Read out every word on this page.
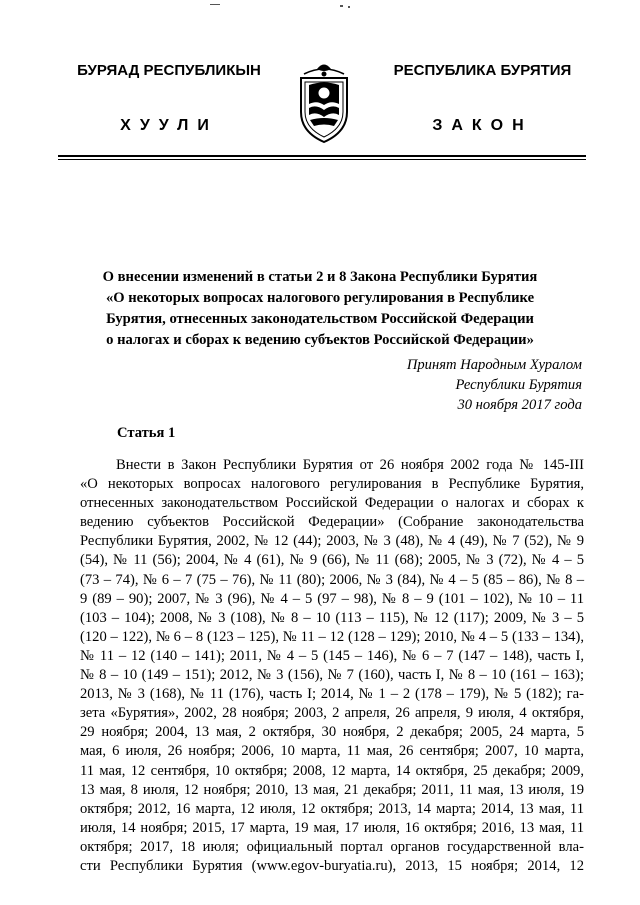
БУРЯАД РЕСПУБЛИКЫН	РЕСПУБЛИКА БУРЯТИЯ
ХУУЛИ	ЗАКОН
О внесении изменений в статьи 2 и 8 Закона Республики Бурятия
«О некоторых вопросах налогового регулирования в Республике
Бурятия, отнесенных законодательством Российской Федерации
о налогах и сборах к ведению субъектов Российской Федерации»
Принят Народным Хуралом
Республики Бурятия
30 ноября 2017 года
Статья 1
Внести в Закон Республики Бурятия от 26 ноября 2002 года № 145-III
«О некоторых вопросах налогового регулирования в Республике Бурятия,
отнесенных законодательством Российской Федерации о налогах и сборах к
ведению субъектов Российской Федерации» (Собрание законодательства
Республики Бурятия, 2002, № 12 (44); 2003, № 3 (48), № 4 (49), № 7 (52), № 9
(54), № 11 (56); 2004, № 4 (61), № 9 (66), № 11 (68); 2005, № 3 (72), № 4 – 5
(73 – 74), № 6 – 7 (75 – 76), № 11 (80); 2006, № 3 (84), № 4 – 5 (85 – 86), № 8 –
9 (89 – 90); 2007, № 3 (96), № 4 – 5 (97 – 98), № 8 – 9 (101 – 102), № 10 – 11
(103 – 104); 2008, № 3 (108), № 8 – 10 (113 – 115), № 12 (117); 2009, № 3 – 5
(120 – 122), № 6 – 8 (123 – 125), № 11 – 12 (128 – 129); 2010, № 4 – 5 (133 – 134),
№ 11 – 12 (140 – 141); 2011, № 4 – 5 (145 – 146), № 6 – 7 (147 – 148), часть I,
№ 8 – 10 (149 – 151); 2012, № 3 (156), № 7 (160), часть I, № 8 – 10 (161 – 163);
2013, № 3 (168), № 11 (176), часть I; 2014, № 1 – 2 (178 – 179), № 5 (182); га-
зета «Бурятия», 2002, 28 ноября; 2003, 2 апреля, 26 апреля, 9 июля, 4 октября,
29 ноября; 2004, 13 мая, 2 октября, 30 ноября, 2 декабря; 2005, 24 марта, 5
мая, 6 июля, 26 ноября; 2006, 10 марта, 11 мая, 26 сентября; 2007, 10 марта,
11 мая, 12 сентября, 10 октября; 2008, 12 марта, 14 октября, 25 декабря; 2009,
13 мая, 8 июля, 12 ноября; 2010, 13 мая, 21 декабря; 2011, 11 мая, 13 июля, 19
октября; 2012, 16 марта, 12 июля, 12 октября; 2013, 14 марта; 2014, 13 мая, 11
июля, 14 ноября; 2015, 17 марта, 19 мая, 17 июля, 16 октября; 2016, 13 мая, 11
октября; 2017, 18 июля; официальный портал органов государственной вла-
сти Республики Бурятия (www.egov-buryatia.ru), 2013, 15 ноября; 2014, 12
